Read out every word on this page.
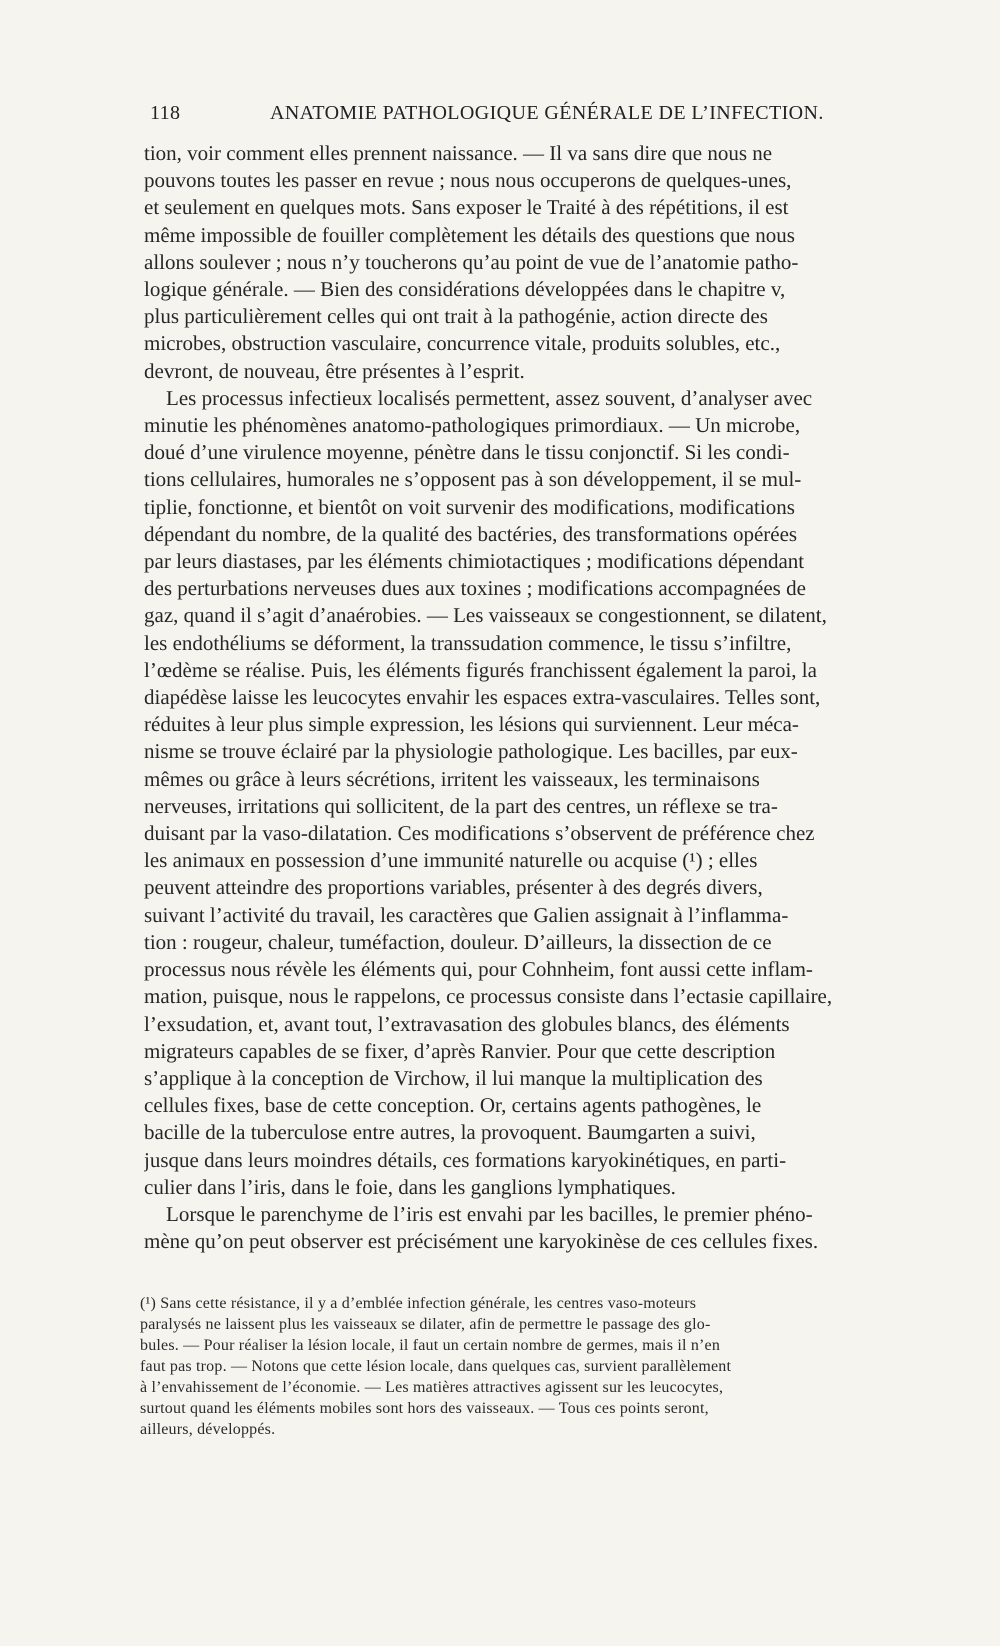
118	ANATOMIE PATHOLOGIQUE GÉNÉRALE DE L’INFECTION.
tion, voir comment elles prennent naissance. — Il va sans dire que nous ne
pouvons toutes les passer en revue ; nous nous occuperons de quelques-unes,
et seulement en quelques mots. Sans exposer le Traité à des répétitions, il est
même impossible de fouiller complètement les détails des questions que nous
allons soulever ; nous n’y toucherons qu’au point de vue de l’anatomie patho-
logique générale. — Bien des considérations développées dans le chapitre v,
plus particulièrement celles qui ont trait à la pathogénie, action directe des
microbes, obstruction vasculaire, concurrence vitale, produits solubles, etc.,
devront, de nouveau, être présentes à l’esprit.
Les processus infectieux localisés permettent, assez souvent, d’analyser avec
minutie les phénomènes anatomo-pathologiques primordiaux. — Un microbe,
doué d’une virulence moyenne, pénètre dans le tissu conjonctif. Si les condi-
tions cellulaires, humorales ne s’opposent pas à son développement, il se mul-
tiplie, fonctionne, et bientôt on voit survenir des modifications, modifications
dépendant du nombre, de la qualité des bactéries, des transformations opérées
par leurs diastases, par les éléments chimiotactiques ; modifications dépendant
des perturbations nerveuses dues aux toxines ; modifications accompagnées de
gaz, quand il s’agit d’anaérobies. — Les vaisseaux se congestionnent, se dilatent,
les endothéliums se déforment, la transsudation commence, le tissu s’infiltre,
l’œdème se réalise. Puis, les éléments figurés franchissent également la paroi, la
diapédèse laisse les leucocytes envahir les espaces extra-vasculaires. Telles sont,
réduites à leur plus simple expression, les lésions qui surviennent. Leur méca-
nisme se trouve éclairé par la physiologie pathologique. Les bacilles, par eux-
mêmes ou grâce à leurs sécrétions, irritent les vaisseaux, les terminaisons
nerveuses, irritations qui sollicitent, de la part des centres, un réflexe se tra-
duisant par la vaso-dilatation. Ces modifications s’observent de préférence chez
les animaux en possession d’une immunité naturelle ou acquise (¹) ; elles
peuvent atteindre des proportions variables, présenter à des degrés divers,
suivant l’activité du travail, les caractères que Galien assignait à l’inflamma-
tion : rougeur, chaleur, tuméfaction, douleur. D’ailleurs, la dissection de ce
processus nous révèle les éléments qui, pour Cohnheim, font aussi cette inflam-
mation, puisque, nous le rappelons, ce processus consiste dans l’ectasie capillaire,
l’exsudation, et, avant tout, l’extravasation des globules blancs, des éléments
migrateurs capables de se fixer, d’après Ranvier. Pour que cette description
s’applique à la conception de Virchow, il lui manque la multiplication des
cellules fixes, base de cette conception. Or, certains agents pathogènes, le
bacille de la tuberculose entre autres, la provoquent. Baumgarten a suivi,
jusque dans leurs moindres détails, ces formations karyokinétiques, en parti-
culier dans l’iris, dans le foie, dans les ganglions lymphatiques.
Lorsque le parenchyme de l’iris est envahi par les bacilles, le premier phéno-
mène qu’on peut observer est précisément une karyokinèse de ces cellules fixes.
(¹) Sans cette résistance, il y a d’emblée infection générale, les centres vaso-moteurs
paralysés ne laissent plus les vaisseaux se dilater, afin de permettre le passage des glo-
bules. — Pour réaliser la lésion locale, il faut un certain nombre de germes, mais il n’en
faut pas trop. — Notons que cette lésion locale, dans quelques cas, survient parallèlement
à l’envahissement de l’économie. — Les matières attractives agissent sur les leucocytes,
surtout quand les éléments mobiles sont hors des vaisseaux. — Tous ces points seront,
ailleurs, développés.
